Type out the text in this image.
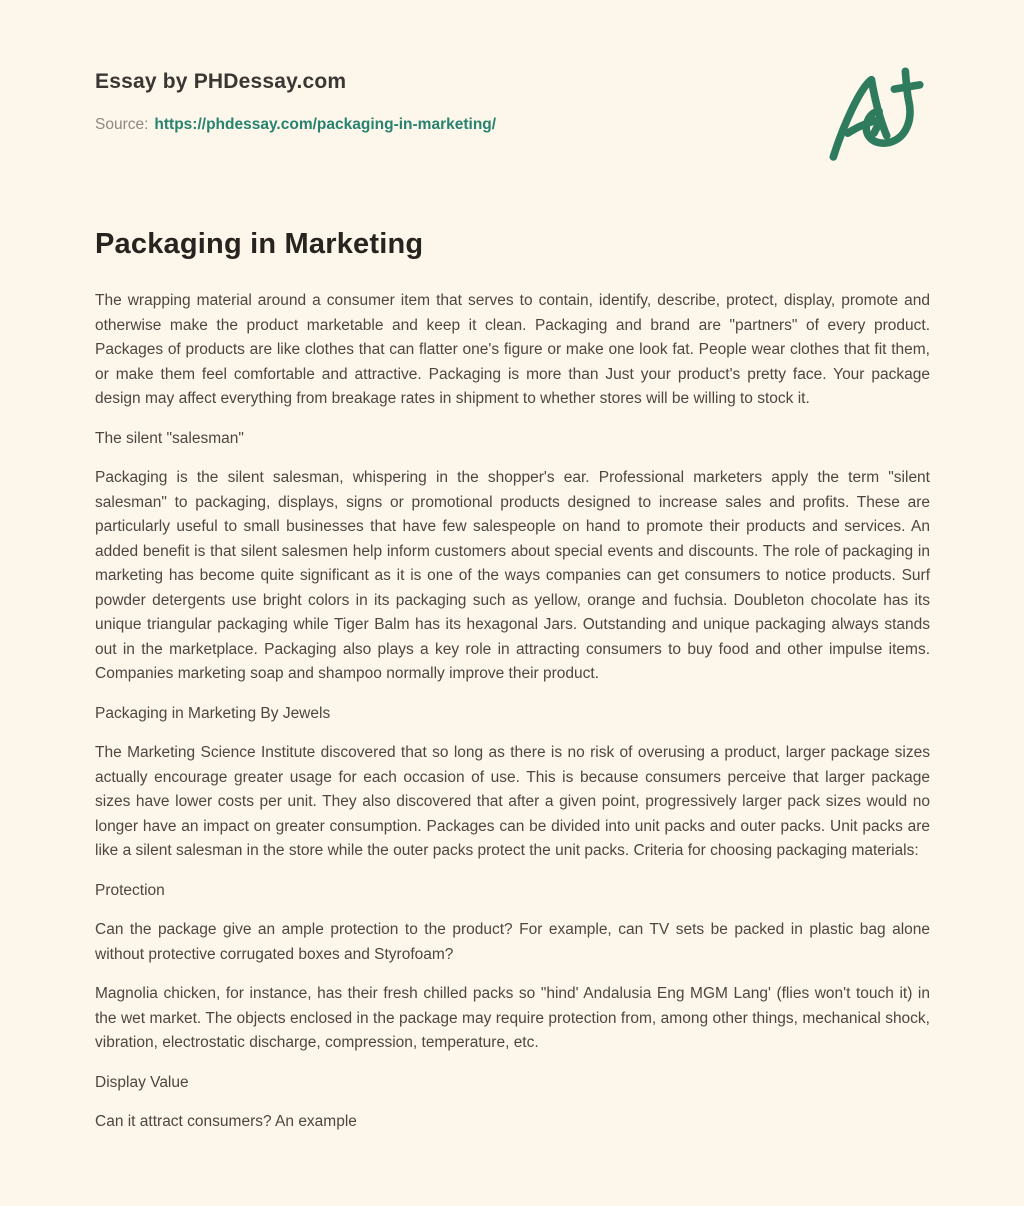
Essay by PHDessay.com
Source: https://phdessay.com/packaging-in-marketing/
Packaging in Marketing

The wrapping material around a consumer item that serves to contain, identify, describe, protect, display, promote and otherwise make the product marketable and keep it clean. Packaging and brand are "partners" of every product. Packages of products are like clothes that can flatter one's figure or make one look fat. People wear clothes that fit them, or make them feel comfortable and attractive. Packaging is more than Just your product's pretty face. Your package design may affect everything from breakage rates in shipment to whether stores will be willing to stock it.

The silent "salesman"

Packaging is the silent salesman, whispering in the shopper's ear. Professional marketers apply the term "silent salesman" to packaging, displays, signs or promotional products designed to increase sales and profits. These are particularly useful to small businesses that have few salespeople on hand to promote their products and services. An added benefit is that silent salesmen help inform customers about special events and discounts. The role of packaging in marketing has become quite significant as it is one of the ways companies can get consumers to notice products. Surf powder detergents use bright colors in its packaging such as yellow, orange and fuchsia. Doubleton chocolate has its unique triangular packaging while Tiger Balm has its hexagonal Jars. Outstanding and unique packaging always stands out in the marketplace. Packaging also plays a key role in attracting consumers to buy food and other impulse items. Companies marketing soap and shampoo normally improve their product.

Packaging in Marketing By Jewels

The Marketing Science Institute discovered that so long as there is no risk of overusing a product, larger package sizes actually encourage greater usage for each occasion of use. This is because consumers perceive that larger package sizes have lower costs per unit. They also discovered that after a given point, progressively larger pack sizes would no longer have an impact on greater consumption. Packages can be divided into unit packs and outer packs. Unit packs are like a silent salesman in the store while the outer packs protect the unit packs. Criteria for choosing packaging materials:

Protection

Can the package give an ample protection to the product? For example, can TV sets be packed in plastic bag alone without protective corrugated boxes and Styrofoam?

Magnolia chicken, for instance, has their fresh chilled packs so "hind' Andalusia Eng MGM Lang' (flies won't touch it) in the wet market. The objects enclosed in the package may require protection from, among other things, mechanical shock, vibration, electrostatic discharge, compression, temperature, etc.

Display Value

Can it attract consumers? An example
